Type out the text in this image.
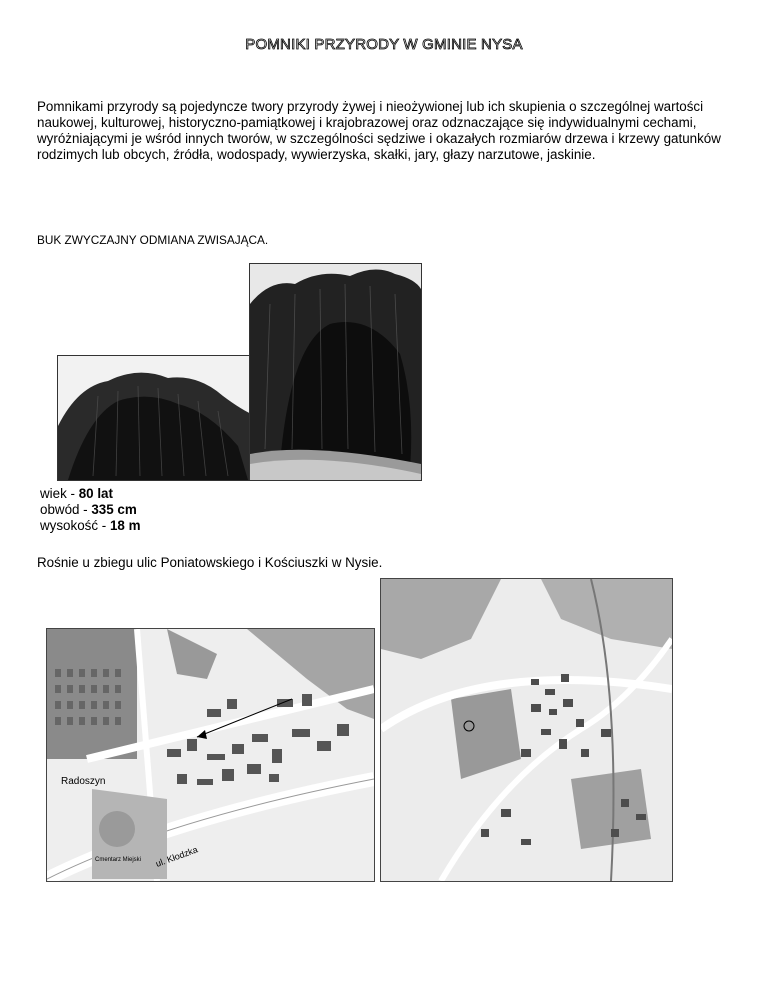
POMNIKI PRZYRODY W GMINIE NYSA
Pomnikami przyrody są pojedyncze twory przyrody żywej i nieożywionej lub ich skupienia o szczególnej wartości naukowej, kulturowej, historyczno-pamiątkowej i krajobrazowej oraz odznaczające się indywidualnymi cechami, wyróżniającymi je wśród innych tworów, w szczególności sędziwe i okazałych rozmiarów drzewa i krzewy gatunków rodzimych lub obcych, źródła, wodospady, wywierzyska, skałki, jary, głazy narzutowe, jaskinie.
BUK ZWYCZAJNY ODMIANA ZWISAJĄCA.
wiek - 80 lat
obwód - 335 cm
wysokość - 18 m
Rośnie u zbiegu ulic Poniatowskiego i Kościuszki w Nysie.
Radoszyn
ul. Kłodzka
Cmentarz Miejski
